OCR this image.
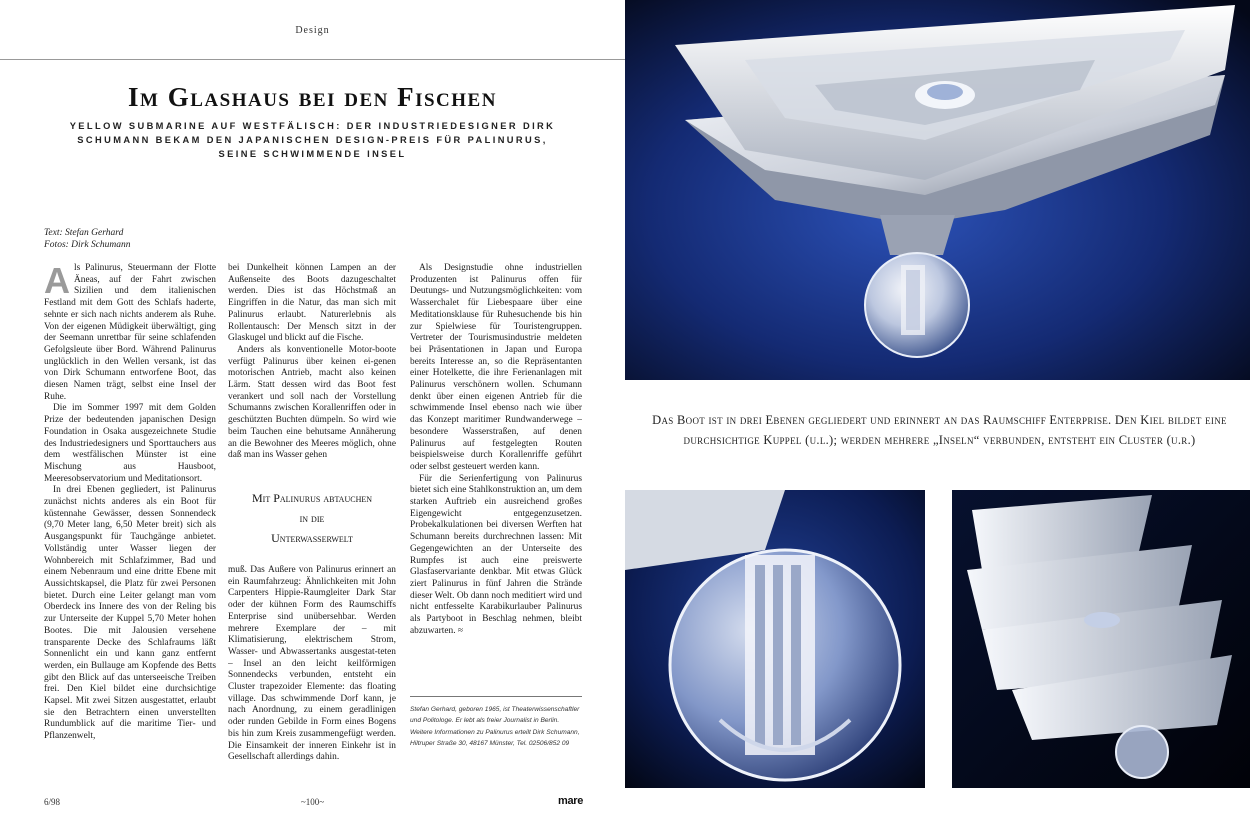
Design
Im Glashaus bei den Fischen
YELLOW SUBMARINE AUF WESTFÄLISCH: DER INDUSTRIEDESIGNER DIRK SCHUMANN BEKAM DEN JAPANISCHEN DESIGN-PREIS FÜR PALINURUS, SEINE SCHWIMMENDE INSEL
Text: Stefan Gerhard
Fotos: Dirk Schumann
A ls Palinurus, Steuermann der Flotte Äneas, auf der Fahrt zwischen Sizilien und dem italienischen Festland mit dem Gott des Schlafs haderte, sehnte er sich nach nichts anderem als Ruhe. Von der eigenen Müdigkeit überwältigt, ging der Seemann unrettbar für seine schlafenden Gefolgsleute über Bord. Während Palinurus unglücklich in den Wellen versank, ist das von Dirk Schumann entworfene Boot, das diesen Namen trägt, selbst eine Insel der Ruhe.

Die im Sommer 1997 mit dem Golden Prize der bedeutenden japanischen Design Foundation in Osaka ausgezeichnete Studie des Industriedesigners und Sporttauchers aus dem westfälischen Münster ist eine Mischung aus Hausboot, Meeresobservatorium und Meditationsort.

In drei Ebenen gegliedert, ist Palinurus zunächst nichts anderes als ein Boot für küstennahe Gewässer, dessen Sonnendeck (9,70 Meter lang, 6,50 Meter breit) sich als Ausgangspunkt für Tauchgänge anbietet. Vollständig unter Wasser liegen der Wohnbereich mit Schlafzimmer, Bad und einem Nebenraum und eine dritte Ebene mit Aussichtskapsel, die Platz für zwei Personen bietet. Durch eine Leiter gelangt man vom Oberdeck ins Innere des von der Reling bis zur Unterseite der Kuppel 5,70 Meter hohen Bootes. Die mit Jalousien versehene transparente Decke des Schlafraums läßt Sonnenlicht ein und kann ganz entfernt werden, ein Bullauge am Kopfende des Betts gibt den Blick auf das unterseeische Treiben frei. Den Kiel bildet eine durchsichtige Kapsel. Mit zwei Sitzen ausgestattet, erlaubt sie den Betrachtern einen unverstellten Rundumblick auf die maritime Tier- und Pflanzenwelt,

bei Dunkelheit können Lampen an der Außenseite des Boots dazugeschaltet werden. Dies ist das Höchstmaß an Eingriffen in die Natur, das man sich mit Palinurus erlaubt. Naturerlebnis als Rollentausch: Der Mensch sitzt in der Glaskugel und blickt auf die Fische.

Anders als konventionelle Motor-boote verfügt Palinurus über keinen ei-genen motorischen Antrieb, macht also keinen Lärm. Statt dessen wird das Boot fest verankert und soll nach der Vorstellung Schumanns zwischen Korallenriffen oder in geschützten Buchten dümpeln. So wird wie beim Tauchen eine behutsame Annäherung an die Bewohner des Meeres möglich, ohne daß man ins Wasser gehen

Mit Palinurus abtauchen
in die
Unterwasserwelt

muß. Das Äußere von Palinurus erinnert an ein Raumfahrzeug: Ähnlichkeiten mit John Carpenters Hippie-Raumgleiter Dark Star oder der kühnen Form des Raumschiffs Enterprise sind unübersehbar. Werden mehrere Exemplare der – mit Klimatisierung, elektrischem Strom, Wasser- und Abwassertanks ausgestat-teten – Insel an den leicht keilförmigen Sonnendecks verbunden, entsteht ein Cluster trapezoider Elemente: das floating village. Das schwimmende Dorf kann, je nach Anordnung, zu einem geradlinigen oder runden Gebilde in Form eines Bogens bis hin zum Kreis zusammengefügt werden. Die Einsamkeit der inneren Einkehr ist in Gesellschaft allerdings dahin.

Als Designstudie ohne industriellen Produzenten ist Palinurus offen für Deutungs- und Nutzungsmöglichkeiten: vom Wasserchalet für Liebespaare über eine Meditationsklause für Ruhesuchende bis hin zur Spielwiese für Touristengruppen. Vertreter der Tourismusindustrie meldeten bei Präsentationen in Japan und Europa bereits Interesse an, so die Repräsentanten einer Hotelkette, die ihre Ferienanlagen mit Palinurus verschönern wollen. Schumann denkt über einen eigenen Antrieb für die schwimmende Insel ebenso nach wie über das Konzept maritimer Rundwanderwege – besondere Wasserstraßen, auf denen Palinurus auf festgelegten Routen beispielsweise durch Korallenriffe geführt oder selbst gesteuert werden kann.

Für die Serienfertigung von Palinurus bietet sich eine Stahlkonstruktion an, um dem starken Auftrieb ein ausreichend großes Eigengewicht entgegenzusetzen. Probekalkulationen bei diversen Werften hat Schumann bereits durchrechnen lassen: Mit Gegengewichten an der Unterseite des Rumpfes ist auch eine preiswerte Glasfaservariante denkbar. Mit etwas Glück ziert Palinurus in fünf Jahren die Strände dieser Welt. Ob dann noch meditiert wird und nicht entfesselte Karabikurlauber Palinurus als Partyboot in Beschlag nehmen, bleibt abzuwarten. ≈

Stefan Gerhard, geboren 1965, ist Theaterwissenschaftler und Politologe. Er lebt als freier Journalist in Berlin.
Weitere Informationen zu Palinurus erteilt Dirk Schumann, Hiltruper Straße 30, 48167 Münster, Tel. 02506/852 09
6/98	~100~	mare
Das Boot ist in drei Ebenen gegliedert und erinnert an das Raumschiff Enterprise. Den Kiel bildet eine durchsichtige Kuppel (u.l.); werden mehrere „Inseln“ verbunden, entsteht ein Cluster (u.r.)
